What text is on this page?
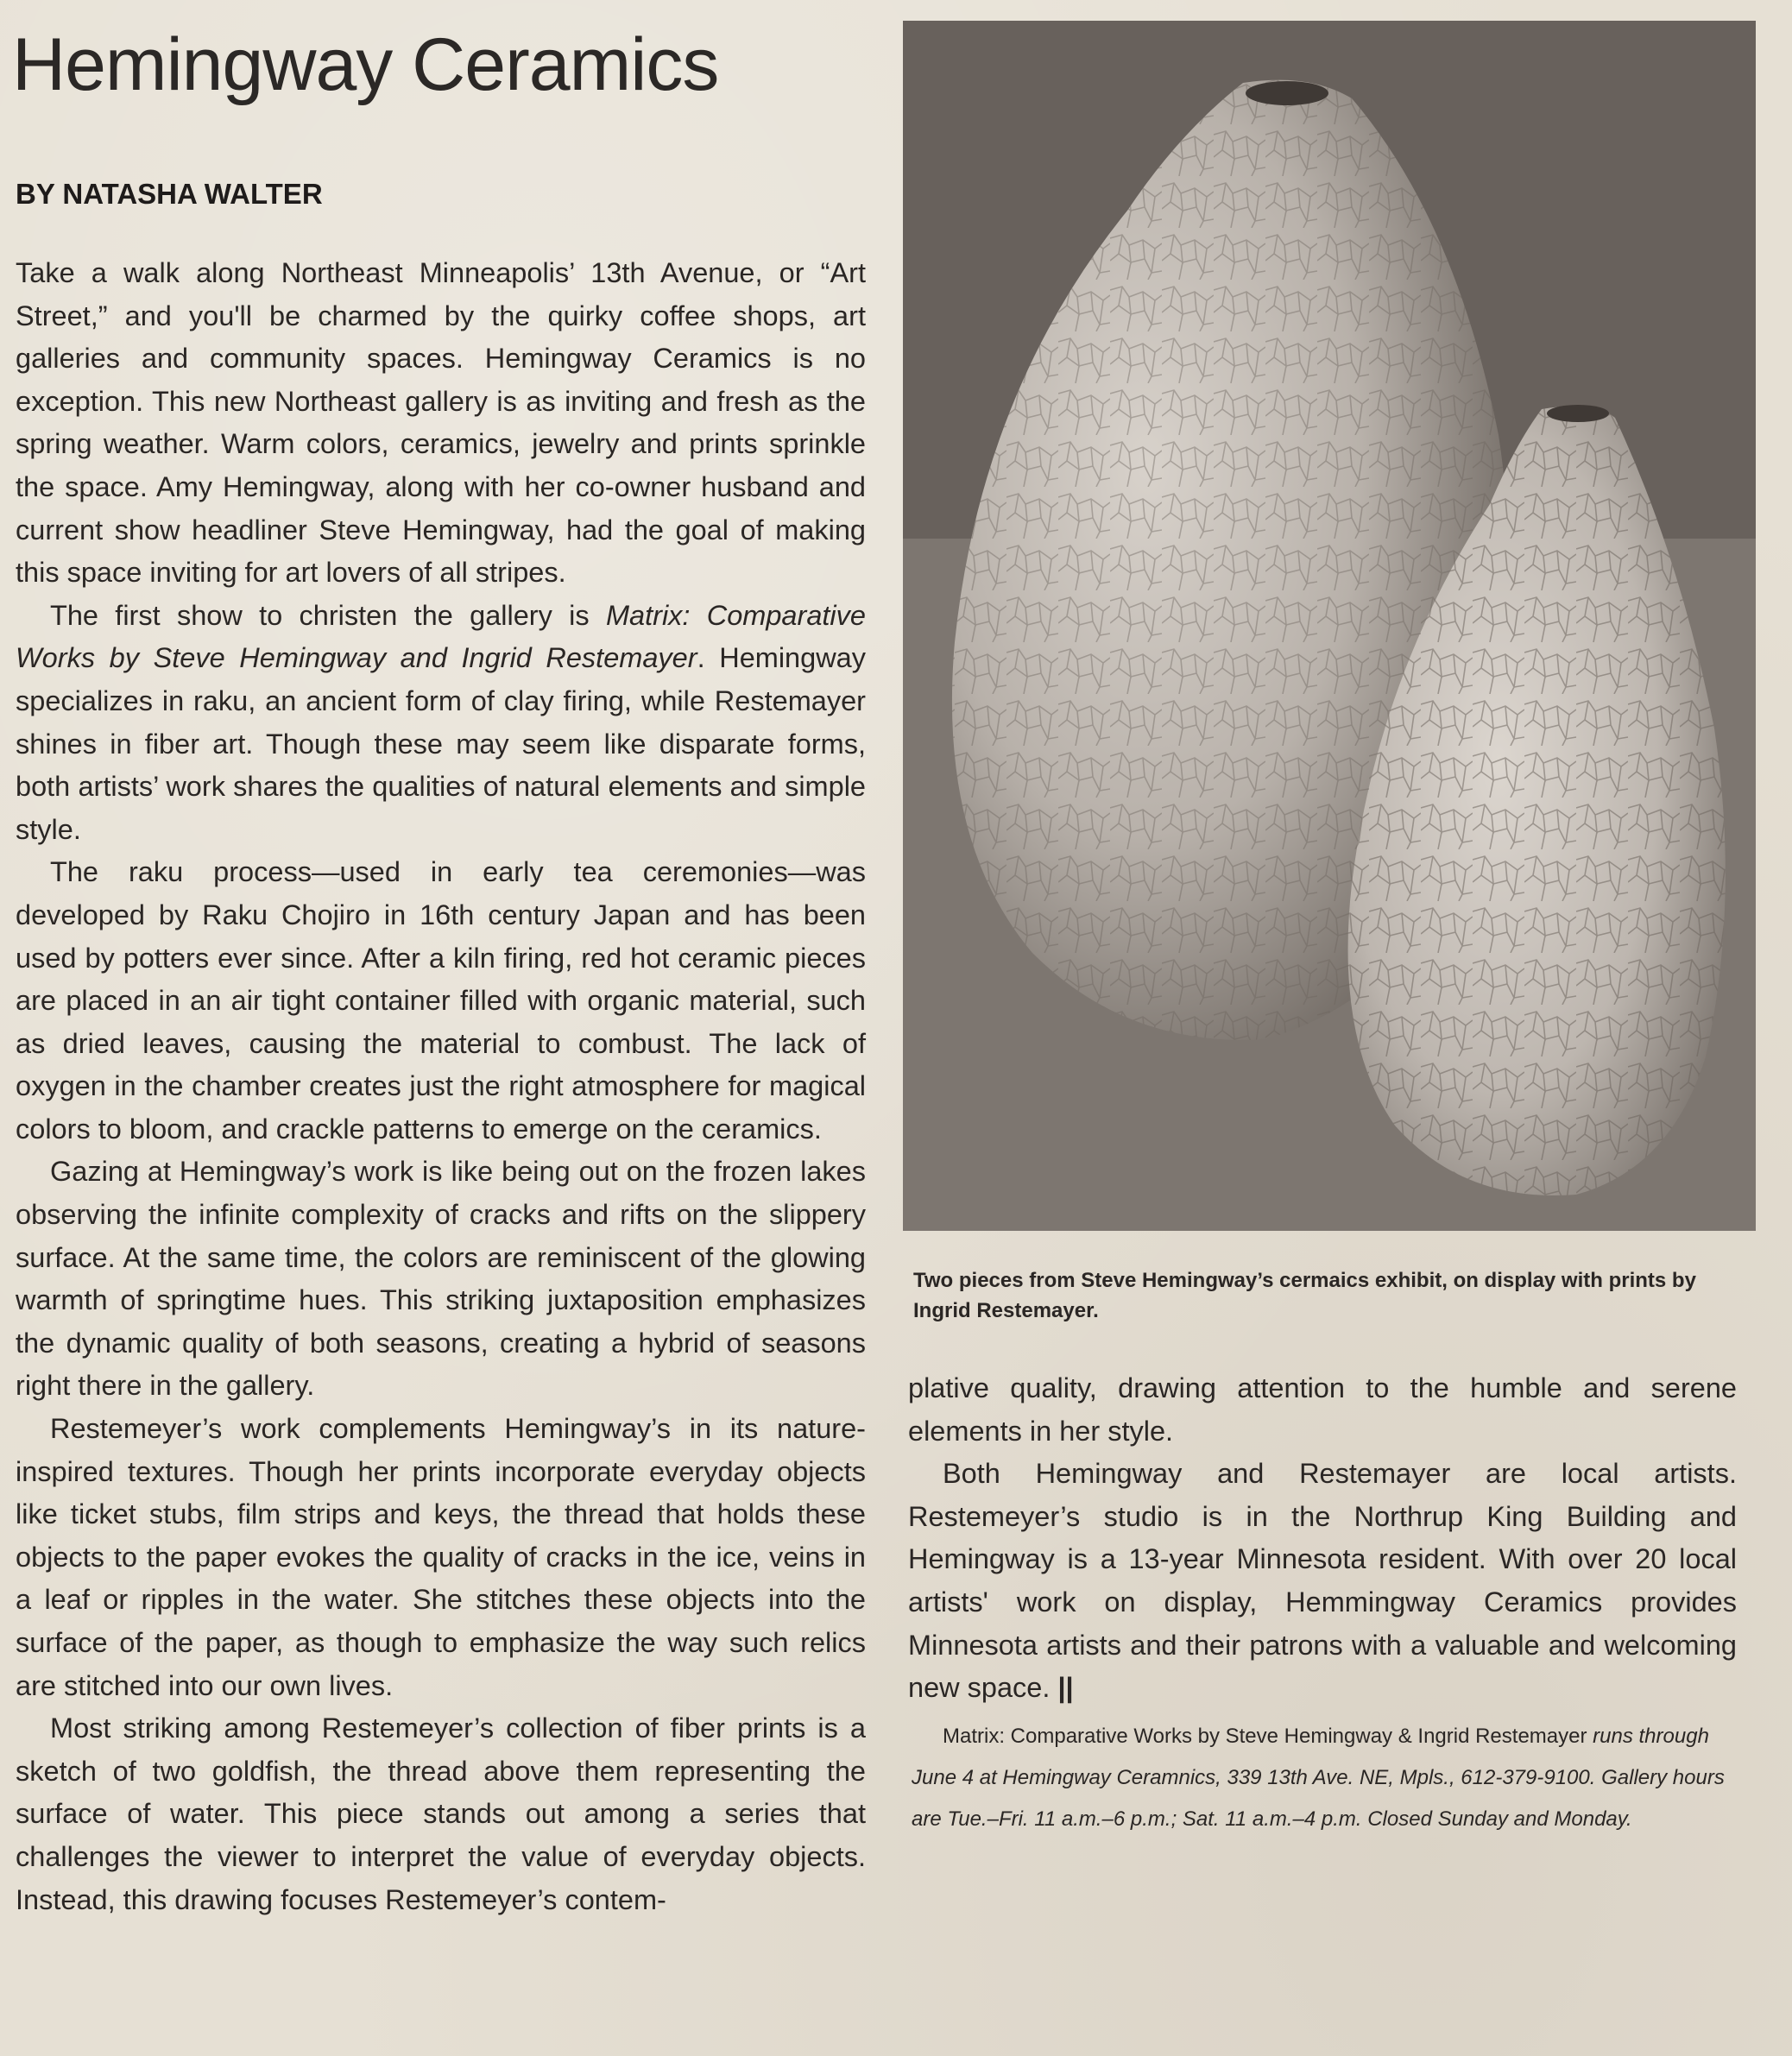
Hemingway Ceramics
BY NATASHA WALTER

Take a walk along Northeast Minneapolis’ 13th Avenue, or “Art Street,” and you'll be charmed by the quirky coffee shops, art galleries and community spaces. Hemingway Ceramics is no exception. This new Northeast gallery is as inviting and fresh as the spring weather. Warm colors, ceramics, jewelry and prints sprinkle the space. Amy Hemingway, along with her co-owner husband and current show headliner Steve Hemingway, had the goal of making this space inviting for art lovers of all stripes.

The first show to christen the gallery is Matrix: Comparative Works by Steve Hemingway and Ingrid Restemayer. Hemingway specializes in raku, an ancient form of clay firing, while Restemayer shines in fiber art. Though these may seem like disparate forms, both artists’ work shares the qualities of natural elements and simple style.

The raku process—used in early tea ceremonies—was developed by Raku Chojiro in 16th century Japan and has been used by potters ever since. After a kiln firing, red hot ceramic pieces are placed in an air tight container filled with organic material, such as dried leaves, causing the material to combust. The lack of oxygen in the chamber creates just the right atmosphere for magical colors to bloom, and crackle patterns to emerge on the ceramics.

Gazing at Hemingway’s work is like being out on the frozen lakes observing the infinite complexity of cracks and rifts on the slippery surface. At the same time, the colors are reminiscent of the glowing warmth of springtime hues. This striking juxtaposition emphasizes the dynamic quality of both seasons, creating a hybrid of seasons right there in the gallery.

Restemeyer’s work complements Hemingway’s in its nature-inspired textures. Though her prints incorporate everyday objects like ticket stubs, film strips and keys, the thread that holds these objects to the paper evokes the quality of cracks in the ice, veins in a leaf or ripples in the water. She stitches these objects into the surface of the paper, as though to emphasize the way such relics are stitched into our own lives.

Most striking among Restemeyer’s collection of fiber prints is a sketch of two goldfish, the thread above them representing the surface of water. This piece stands out among a series that challenges the viewer to interpret the value of everyday objects. Instead, this drawing focuses Restemeyer’s contem-

Two pieces from Steve Hemingway’s cermaics exhibit, on display with prints by Ingrid Restemayer.

plative quality, drawing attention to the humble and serene elements in her style.

Both Hemingway and Restemayer are local artists. Restemeyer’s studio is in the Northrup King Building and Hemingway is a 13-year Minnesota resident. With over 20 local artists' work on display, Hemmingway Ceramics provides Minnesota artists and their patrons with a valuable and welcoming new space. ||

Matrix: Comparative Works by Steve Hemingway & Ingrid Restemayer runs through June 4 at Hemingway Ceramnics, 339 13th Ave. NE, Mpls., 612-379-9100. Gallery hours are Tue.–Fri. 11 a.m.–6 p.m.; Sat. 11 a.m.–4 p.m. Closed Sunday and Monday.
